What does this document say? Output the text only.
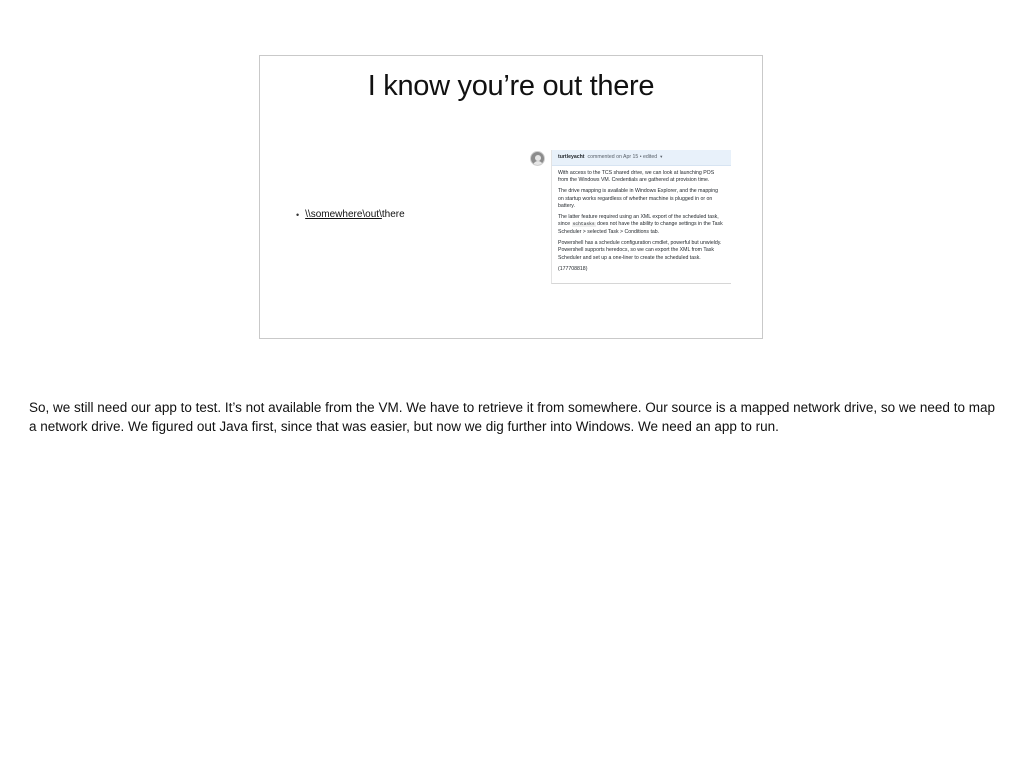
I know you’re out there
• \\somewhere\out\there
turtleyacht commented on Apr 15 • edited ▾

With access to the TCS shared drive, we can look at launching POS from the Windows VM. Credentials are gathered at provision time.

The drive mapping is available in Windows Explorer, and the mapping on startup works regardless of whether machine is plugged in or on battery.

The latter feature required using an XML export of the scheduled task, since schtasks does not have the ability to change settings in the Task Scheduler > selected Task > Conditions tab.

Powershell has a schedule configuration cmdlet, powerful but unwieldy. Powershell supports heredocs, so we can export the XML from Task Scheduler and set up a one-liner to create the scheduled task.

(177708818)

So, we still need our app to test. It’s not available from the VM. We have to retrieve it from somewhere. Our source is a mapped network drive, so we need to map a network drive. We figured out Java first, since that was easier, but now we dig further into Windows. We need an app to run.
